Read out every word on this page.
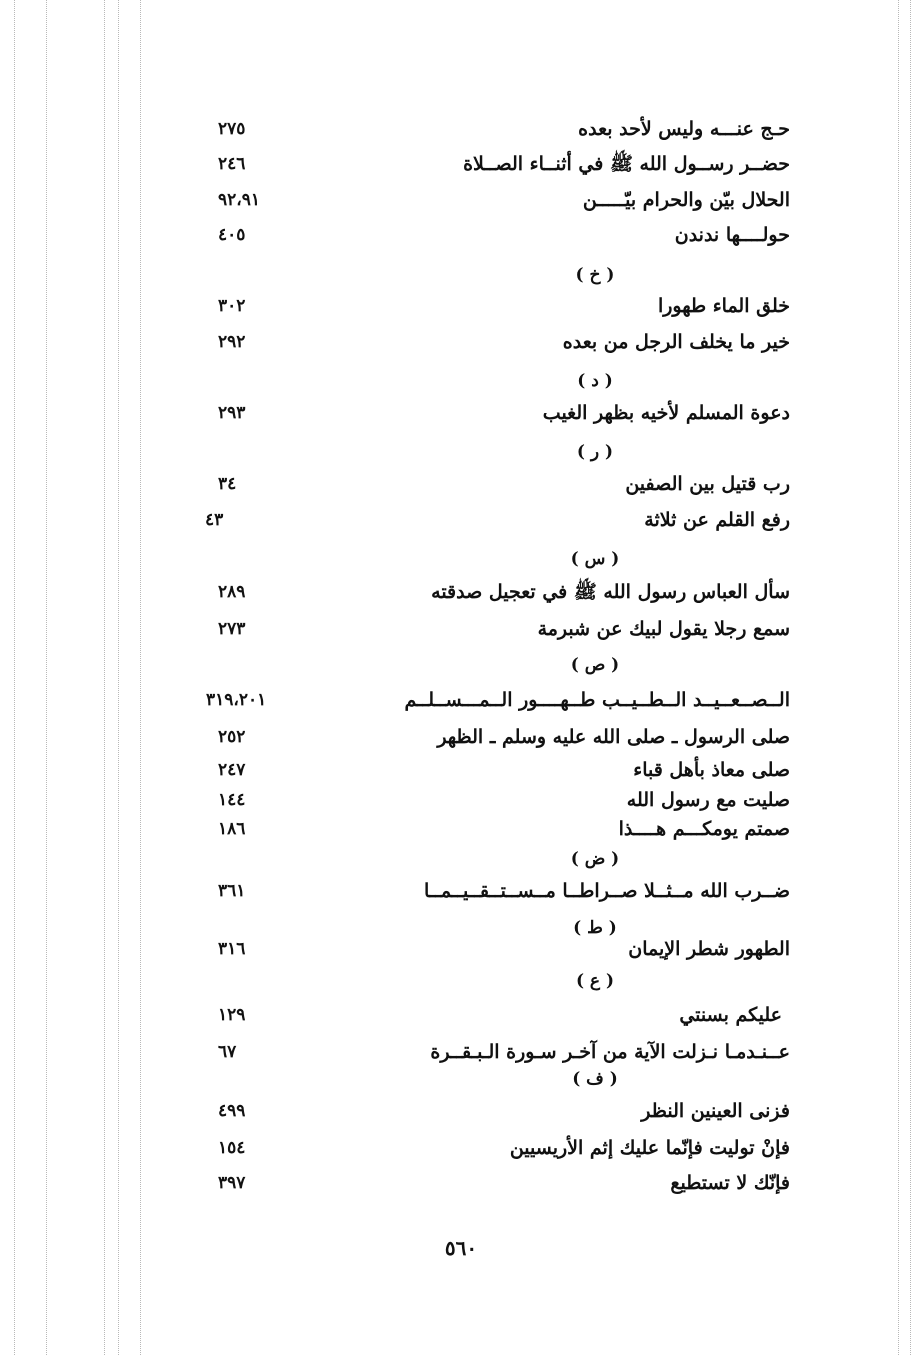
حـج عنـــه وليس لأحد بعده
٢٧٥
حضــر رســول الله ﷺ في أثنــاء الصــلاة
٢٤٦
الحلال بيّن والحرام بيّـــــن
٩٢،٩١
حولــــها ندندن
٤٠٥
( خ )
خلق الماء طهورا
٣٠٢
خير ما يخلف الرجل من بعده
٢٩٢
( د )
دعوة المسلم لأخيه بظهر الغيب
٢٩٣
( ر )
رب قتيل بين الصفين
٣٤
رفع القلم عن ثلاثة
٤٣
( س )
سأل العباس رسول الله ﷺ في تعجيل صدقته
٢٨٩
سمع رجلا يقول لبيك عن شبرمة
٢٧٣
( ص )
الــصــعــيــد الــطــيــب طــهــــور الــمـــســلــم
٣١٩،٢٠١
صلى الرسول ـ صلى الله عليه وسلم ـ الظهر
٢٥٢
صلى معاذ بأهل قباء
٢٤٧
صليت مع رسول الله
١٤٤
صمتم يومكـــم هــــذا
١٨٦
( ض )
ضــرب الله مــثــلا صــراطــا مــســتــقــيــمــا
٣٦١
( ط )
الطهور شطر الإيمان
٣١٦
( ع )
عليكم بسنتي
١٢٩
عــنـدمـا نـزلت الآية من آخـر سـورة الـبـقــرة
٦٧
( ف )
فزنى العينين النظر
٤٩٩
فإنْ توليت فإنّما عليك إثم الأريسيين
١٥٤
فإنّك لا تستطيع
٣٩٧
٥٦٠
